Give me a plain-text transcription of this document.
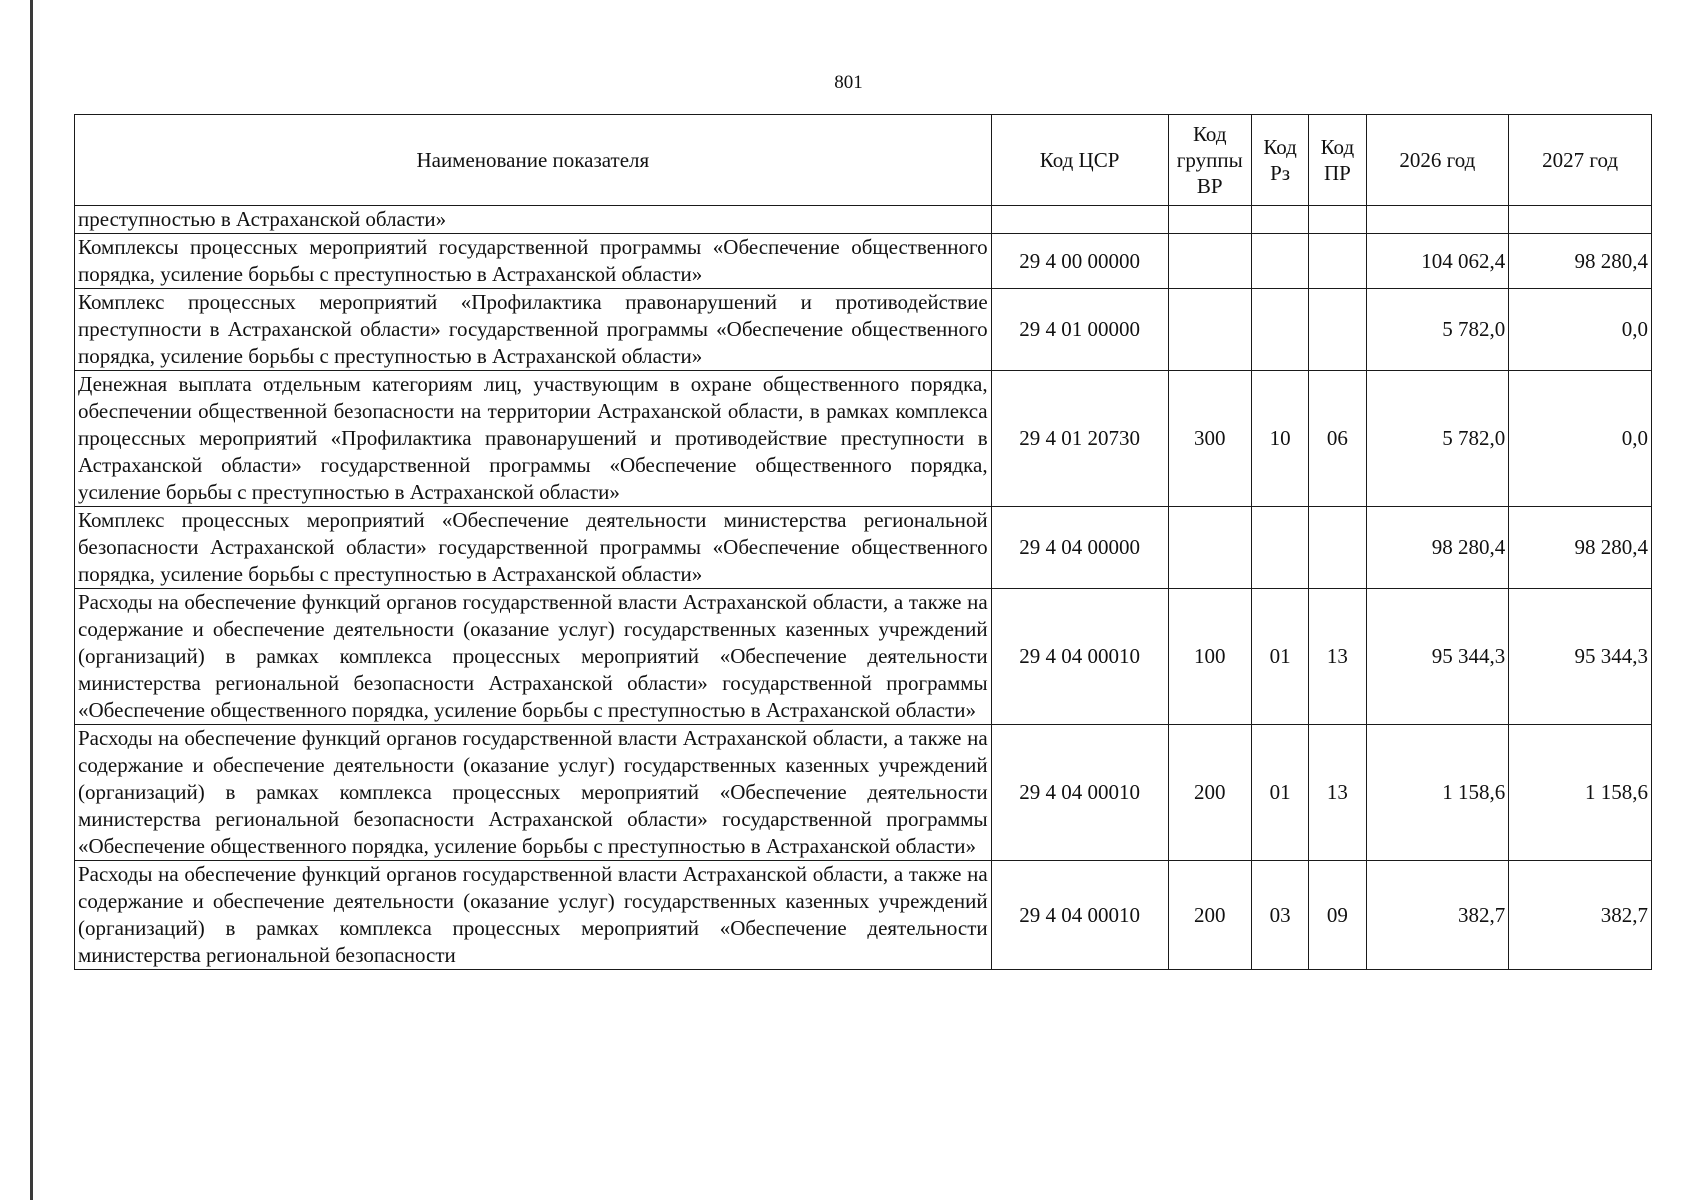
801
Наименование показателя	Код ЦСР	Код группы ВР	Код Рз	Код ПР	2026 год	2027 год
преступностью в Астраханской области»						
Комплексы процессных мероприятий государственной программы «Обеспечение общественного порядка, усиление борьбы с преступностью в Астраханской области»	29 4 00 00000				104 062,4	98 280,4
Комплекс процессных мероприятий «Профилактика правонарушений и противодействие преступности в Астраханской области» государственной программы «Обеспечение общественного порядка, усиление борьбы с преступностью в Астраханской области»	29 4 01 00000				5 782,0	0,0
Денежная выплата отдельным категориям лиц, участвующим в охране общественного порядка, обеспечении общественной безопасности на территории Астраханской области, в рамках комплекса процессных мероприятий «Профилактика правонарушений и противодействие преступности в Астраханской области» государственной программы «Обеспечение общественного порядка, усиление борьбы с преступностью в Астраханской области»	29 4 01 20730	300	10	06	5 782,0	0,0
Комплекс процессных мероприятий «Обеспечение деятельности министерства региональной безопасности Астраханской области» государственной программы «Обеспечение общественного порядка, усиление борьбы с преступностью в Астраханской области»	29 4 04 00000				98 280,4	98 280,4
Расходы на обеспечение функций органов государственной власти Астраханской области, а также на содержание и обеспечение деятельности (оказание услуг) государственных казенных учреждений (организаций) в рамках комплекса процессных мероприятий «Обеспечение деятельности министерства региональной безопасности Астраханской области» государственной программы «Обеспечение общественного порядка, усиление борьбы с преступностью в Астраханской области»	29 4 04 00010	100	01	13	95 344,3	95 344,3
Расходы на обеспечение функций органов государственной власти Астраханской области, а также на содержание и обеспечение деятельности (оказание услуг) государственных казенных учреждений (организаций) в рамках комплекса процессных мероприятий «Обеспечение деятельности министерства региональной безопасности Астраханской области» государственной программы «Обеспечение общественного порядка, усиление борьбы с преступностью в Астраханской области»	29 4 04 00010	200	01	13	1 158,6	1 158,6
Расходы на обеспечение функций органов государственной власти Астраханской области, а также на содержание и обеспечение деятельности (оказание услуг) государственных казенных учреждений (организаций) в рамках комплекса процессных мероприятий «Обеспечение деятельности министерства региональной безопасности	29 4 04 00010	200	03	09	382,7	382,7
